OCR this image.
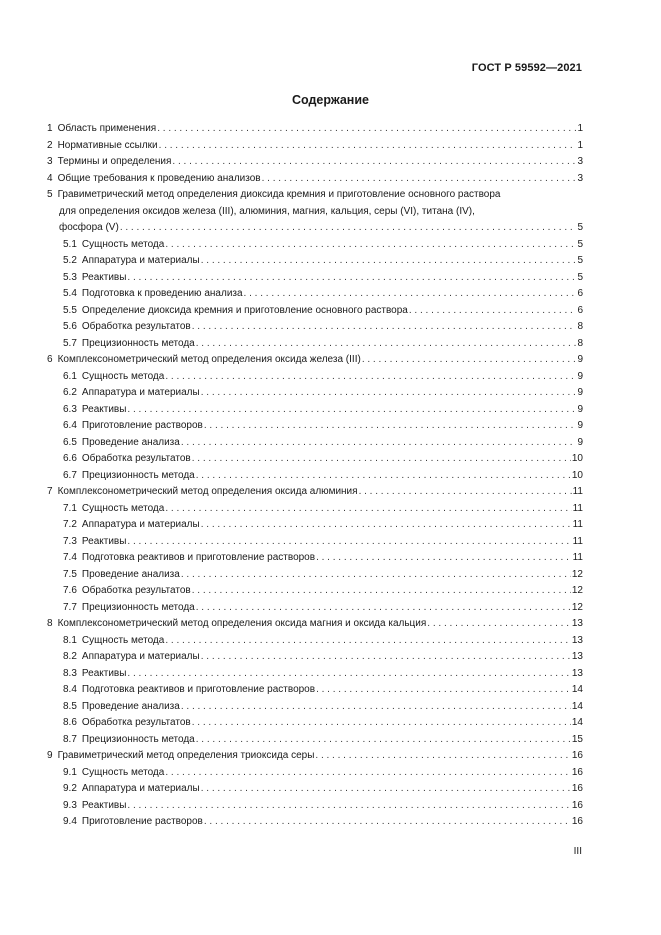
ГОСТ Р 59592—2021
Содержание
1 Область применения . . .	1
2 Нормативные ссылки . . .	1
3 Термины и определения . . .	3
4 Общие требования к проведению анализов . . .	3
5 Гравиметрический метод определения диоксида кремния и приготовление основного раствора
для определения оксидов железа (III), алюминия, магния, кальция, серы (VI), титана (IV),
фосфора (V) . . .	5
5.1 Сущность метода . . .	5
5.2 Аппаратура и материалы . . .	5
5.3 Реактивы . . .	5
5.4 Подготовка к проведению анализа . . .	6
5.5 Определение диоксида кремния и приготовление основного раствора . . .	6
5.6 Обработка результатов . . .	8
5.7 Прецизионность метода . . .	8
6 Комплексонометрический метод определения оксида железа (III) . . .	9
6.1 Сущность метода . . .	9
6.2 Аппаратура и материалы . . .	9
6.3 Реактивы . . .	9
6.4 Приготовление растворов . . .	9
6.5 Проведение анализа . . .	9
6.6 Обработка результатов . . .	10
6.7 Прецизионность метода . . .	10
7 Комплексонометрический метод определения оксида алюминия . . .	11
7.1 Сущность метода . . .	11
7.2 Аппаратура и материалы . . .	11
7.3 Реактивы . . .	11
7.4 Подготовка реактивов и приготовление растворов . . .	11
7.5 Проведение анализа . . .	12
7.6 Обработка результатов . . .	12
7.7 Прецизионность метода . . .	12
8 Комплексонометрический метод определения оксида магния и оксида кальция . . .	13
8.1 Сущность метода . . .	13
8.2 Аппаратура и материалы . . .	13
8.3 Реактивы . . .	13
8.4 Подготовка реактивов и приготовление растворов . . .	14
8.5 Проведение анализа . . .	14
8.6 Обработка результатов . . .	14
8.7 Прецизионность метода . . .	15
9 Гравиметрический метод определения триоксида серы . . .	16
9.1 Сущность метода . . .	16
9.2 Аппаратура и материалы . . .	16
9.3 Реактивы . . .	16
9.4 Приготовление растворов . . .	16
III
